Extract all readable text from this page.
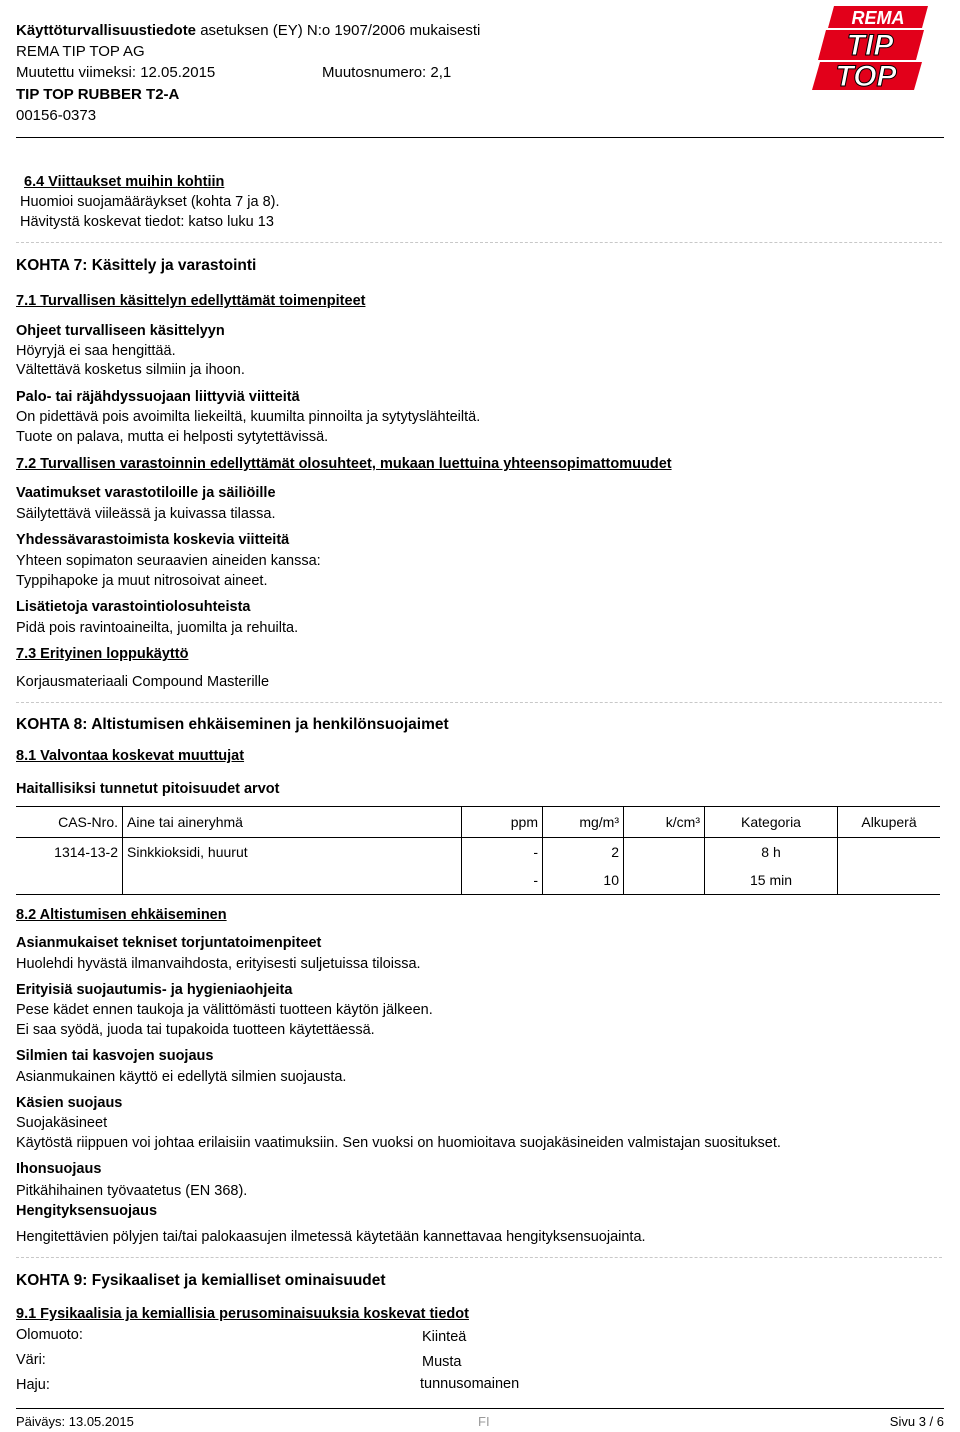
Käyttöturvallisuustiedote asetuksen (EY) N:o 1907/2006 mukaisesti
REMA TIP TOP AG
Muutettu viimeksi: 12.05.2015	Muutosnumero: 2,1
TIP TOP RUBBER T2-A
00156-0373
REMA
TIP
TOP
6.4 Viittaukset muihin kohtiin
Huomioi suojamääräykset (kohta 7 ja 8).
Hävitystä koskevat tiedot: katso luku 13
KOHTA 7: Käsittely ja varastointi
7.1 Turvallisen käsittelyn edellyttämät toimenpiteet
Ohjeet turvalliseen käsittelyyn
Höyryjä ei saa hengittää.
Vältettävä kosketus silmiin ja ihoon.
Palo- tai räjähdyssuojaan liittyviä viitteitä
On pidettävä pois avoimilta liekeiltä, kuumilta pinnoilta ja sytytyslähteiltä.
Tuote on palava, mutta ei helposti sytytettävissä.
7.2 Turvallisen varastoinnin edellyttämät olosuhteet, mukaan luettuina yhteensopimattomuudet
Vaatimukset varastotiloille ja säiliöille
Säilytettävä viileässä ja kuivassa tilassa.
Yhdessävarastoimista koskevia viitteitä
Yhteen sopimaton seuraavien aineiden kanssa:
Typpihapoke ja muut nitrosoivat aineet.
Lisätietoja varastointiolosuhteista
Pidä pois ravintoaineilta, juomilta ja rehuilta.
7.3 Erityinen loppukäyttö
Korjausmateriaali Compound Masterille
KOHTA 8: Altistumisen ehkäiseminen ja henkilönsuojaimet
8.1 Valvontaa koskevat muuttujat
Haitallisiksi tunnetut pitoisuudet arvot
CAS-Nro.	Aine tai aineryhmä	ppm	mg/m³	k/cm³	Kategoria	Alkuperä
1314-13-2	Sinkkioksidi, huurut	-	2		8 h	
		-	10		15 min	
8.2 Altistumisen ehkäiseminen
Asianmukaiset tekniset torjuntatoimenpiteet
Huolehdi hyvästä ilmanvaihdosta, erityisesti suljetuissa tiloissa.
Erityisiä suojautumis- ja hygieniaohjeita
Pese kädet ennen taukoja ja välittömästi tuotteen käytön jälkeen.
Ei saa syödä, juoda tai tupakoida tuotteen käytettäessä.
Silmien tai kasvojen suojaus
Asianmukainen käyttö ei edellytä silmien suojausta.
Käsien suojaus
Suojakäsineet
Käytöstä riippuen voi johtaa erilaisiin vaatimuksiin. Sen vuoksi on huomioitava suojakäsineiden valmistajan suositukset.
Ihonsuojaus
Pitkähihainen työvaatetus (EN 368).
Hengityksensuojaus
Hengitettävien pölyjen tai/tai palokaasujen ilmetessä käytetään kannettavaa hengityksensuojainta.
KOHTA 9: Fysikaaliset ja kemialliset ominaisuudet
9.1 Fysikaalisia ja kemiallisia perusominaisuuksia koskevat tiedot
Olomuoto:	Kiinteä
Väri:	Musta
Haju:	tunnusomainen
Päiväys: 13.05.2015	FI	Sivu 3 / 6
